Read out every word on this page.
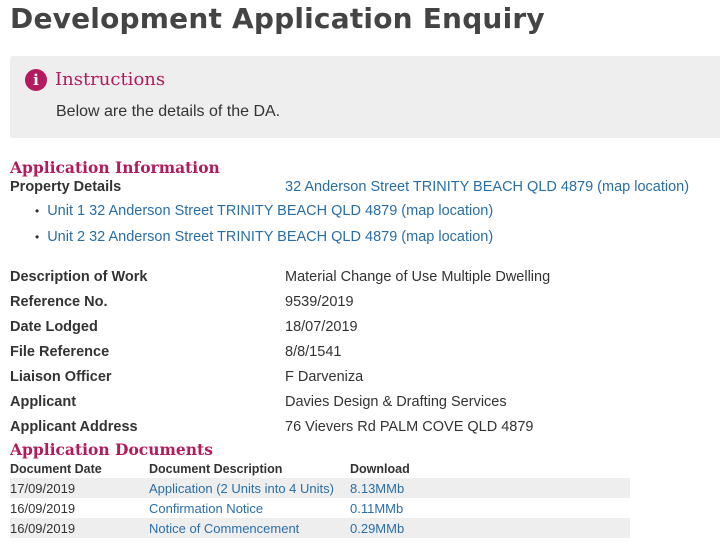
Development Application Enquiry
i Instructions
Below are the details of the DA.
Application Information
Property Details	32 Anderson Street TRINITY BEACH QLD 4879 (map location)
• Unit 1 32 Anderson Street TRINITY BEACH QLD 4879 (map location)
• Unit 2 32 Anderson Street TRINITY BEACH QLD 4879 (map location)
Description of Work	Material Change of Use Multiple Dwelling
Reference No.	9539/2019
Date Lodged	18/07/2019
File Reference	8/8/1541
Liaison Officer	F Darveniza
Applicant	Davies Design & Drafting Services
Applicant Address	76 Vievers Rd PALM COVE QLD 4879
Application Documents
Document Date	Document Description	Download
17/09/2019	Application (2 Units into 4 Units)	8.13MMb
16/09/2019	Confirmation Notice	0.11MMb
16/09/2019	Notice of Commencement	0.29MMb
